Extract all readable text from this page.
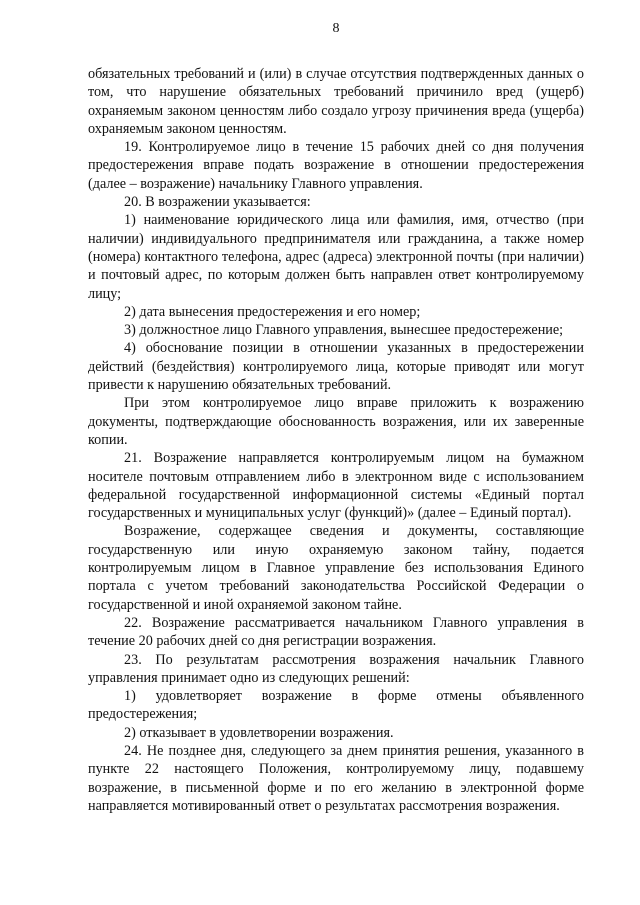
8

обязательных требований и (или) в случае отсутствия подтвержденных данных о том, что нарушение обязательных требований причинило вред (ущерб) охраняемым законом ценностям либо создало угрозу причинения вреда (ущерба) охраняемым законом ценностям.

19. Контролируемое лицо в течение 15 рабочих дней со дня получения предостережения вправе подать возражение в отношении предостережения (далее – возражение) начальнику Главного управления.

20. В возражении указывается:

1) наименование юридического лица или фамилия, имя, отчество (при наличии) индивидуального предпринимателя или гражданина, а также номер (номера) контактного телефона, адрес (адреса) электронной почты (при наличии) и почтовый адрес, по которым должен быть направлен ответ контролируемому лицу;

2) дата вынесения предостережения и его номер;

3) должностное лицо Главного управления, вынесшее предостережение;

4) обоснование позиции в отношении указанных в предостережении действий (бездействия) контролируемого лица, которые приводят или могут привести к нарушению обязательных требований.

При этом контролируемое лицо вправе приложить к возражению документы, подтверждающие обоснованность возражения, или их заверенные копии.

21. Возражение направляется контролируемым лицом на бумажном носителе почтовым отправлением либо в электронном виде с использованием федеральной государственной информационной системы «Единый портал государственных и муниципальных услуг (функций)» (далее – Единый портал).

Возражение, содержащее сведения и документы, составляющие государственную или иную охраняемую законом тайну, подается контролируемым лицом в Главное управление без использования Единого портала с учетом требований законодательства Российской Федерации о государственной и иной охраняемой законом тайне.

22. Возражение рассматривается начальником Главного управления в течение 20 рабочих дней со дня регистрации возражения.

23. По результатам рассмотрения возражения начальник Главного управления принимает одно из следующих решений:

1) удовлетворяет возражение в форме отмены объявленного предостережения;

2) отказывает в удовлетворении возражения.

24. Не позднее дня, следующего за днем принятия решения, указанного в пункте 22 настоящего Положения, контролируемому лицу, подавшему возражение, в письменной форме и по его желанию в электронной форме направляется мотивированный ответ о результатах рассмотрения возражения.
